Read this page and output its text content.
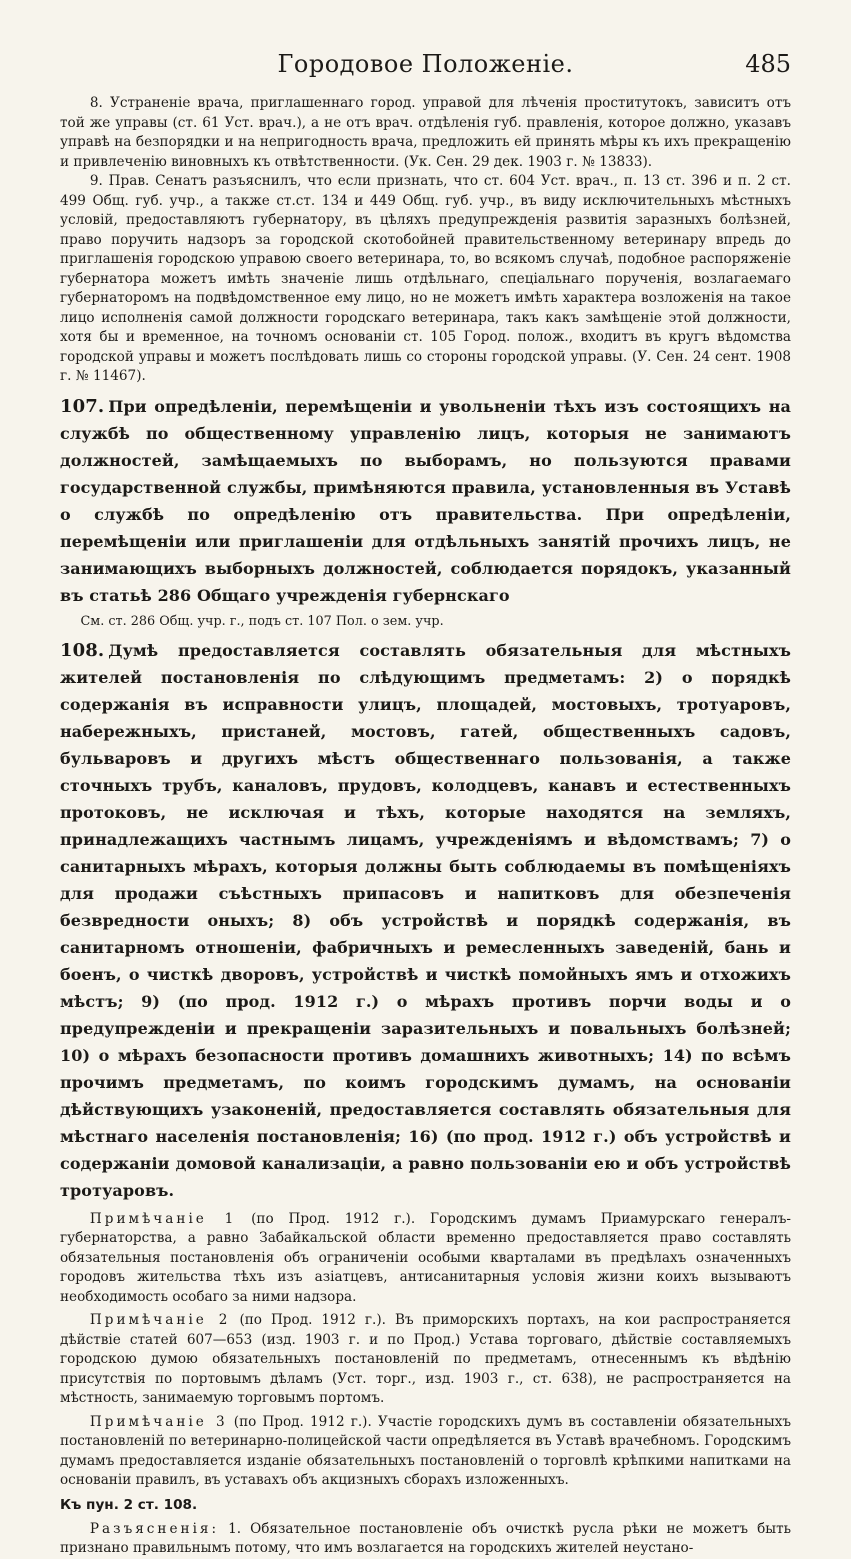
Городовое Положенiе.	485

8. Устраненiе врача, приглашеннаго город. управой для лѣченiя проститутокъ, зависитъ отъ той же управы (ст. 61 Уст. врач.), а не отъ врач. отдѣленiя губ. правленiя, которое должно, указавъ управѣ на безпорядки и на непригодность врача, предложить ей принять мѣры къ ихъ прекращенiю и привлеченiю виновныхъ къ отвѣтственности. (Ук. Сен. 29 дек. 1903 г. № 13833).

9. Прав. Сенатъ разъяснилъ, что если признать, что ст. 604 Уст. врач., п. 13 ст. 396 и п. 2 ст. 499 Общ. губ. учр., а также ст.ст. 134 и 449 Общ. губ. учр., въ виду исключительныхъ мѣстныхъ условiй, предоставляютъ губернатору, въ цѣляхъ предупрежденiя развитiя заразныхъ болѣзней, право поручить надзоръ за городской скотобойней правительственному ветеринару впредь до приглашенiя городскою управою своего ветеринара, то, во всякомъ случаѣ, подобное распоряженiе губернатора можетъ имѣть значенiе лишь отдѣльнаго, спецiальнаго порученiя, возлагаемаго губернаторомъ на подвѣдомственное ему лицо, но не можетъ имѣть характера возложенiя на такое лицо исполненiя самой должности городскаго ветеринара, такъ какъ замѣщенiе этой должности, хотя бы и временное, на точномъ основанiи ст. 105 Город. полож., входитъ въ кругъ вѣдомства городской управы и можетъ послѣдовать лишь со стороны городской управы. (У. Сен. 24 сент. 1908 г. № 11467).

107. При опредѣленiи, перемѣщенiи и увольненiи тѣхъ изъ состоящихъ на службѣ по общественному управленiю лицъ, которыя не занимаютъ должностей, замѣщаемыхъ по выборамъ, но пользуются правами государственной службы, примѣняются правила, установленныя въ Уставѣ о службѣ по опредѣленiю отъ правительства. При опредѣленiи, перемѣщенiи или приглашенiи для отдѣльныхъ занятiй прочихъ лицъ, не занимающихъ выборныхъ должностей, соблюдается порядокъ, указанный въ статьѣ 286 Общаго учрежденiя губернскаго

См. ст. 286 Общ. учр. г., подъ ст. 107 Пол. о зем. учр.

108. Думѣ предоставляется составлять обязательныя для мѣстныхъ жителей постановленiя по слѣдующимъ предметамъ: 2) о порядкѣ содержанiя въ исправности улицъ, площадей, мостовыхъ, тротуаровъ, набережныхъ, пристаней, мостовъ, гатей, общественныхъ садовъ, бульваровъ и другихъ мѣстъ общественнаго пользованiя, а также сточныхъ трубъ, каналовъ, прудовъ, колодцевъ, канавъ и естественныхъ протоковъ, не исключая и тѣхъ, которые находятся на земляхъ, принадлежащихъ частнымъ лицамъ, учрежденiямъ и вѣдомствамъ; 7) о санитарныхъ мѣрахъ, которыя должны быть соблюдаемы въ помѣщенiяхъ для продажи съѣстныхъ припасовъ и напитковъ для обезпеченiя безвредности оныхъ; 8) объ устройствѣ и порядкѣ содержанiя, въ санитарномъ отношенiи, фабричныхъ и ремесленныхъ заведенiй, бань и боенъ, о чисткѣ дворовъ, устройствѣ и чисткѣ помойныхъ ямъ и отхожихъ мѣстъ; 9) (по прод. 1912 г.) о мѣрахъ противъ порчи воды и о предупрежденiи и прекращенiи заразительныхъ и повальныхъ болѣзней; 10) о мѣрахъ безопасности противъ домашнихъ животныхъ; 14) по всѣмъ прочимъ предметамъ, по коимъ городскимъ думамъ, на основанiи дѣйствующихъ узаконенiй, предоставляется составлять обязательныя для мѣстнаго населенiя постановленiя; 16) (по прод. 1912 г.) объ устройствѣ и содержанiи домовой канализацiи, а равно пользованiи ею и объ устройствѣ тротуаровъ.

Примѣчанiе 1 (по Прод. 1912 г.). Городскимъ думамъ Приамурскаго генералъ-губернаторства, а равно Забайкальской области временно предоставляется право составлять обязательныя постановленiя объ ограниченiи особыми кварталами въ предѣлахъ означенныхъ городовъ жительства тѣхъ изъ азiатцевъ, антисанитарныя условiя жизни коихъ вызываютъ необходимость особаго за ними надзора.

Примѣчанiе 2 (по Прод. 1912 г.). Въ приморскихъ портахъ, на кои распространяется дѣйствiе статей 607—653 (изд. 1903 г. и по Прод.) Устава торговаго, дѣйствiе составляемыхъ городскою думою обязательныхъ постановленiй по предметамъ, отнесеннымъ къ вѣдѣнiю присутствiя по портовымъ дѣламъ (Уст. торг., изд. 1903 г., ст. 638), не распространяется на мѣстность, занимаемую торговымъ портомъ.

Примѣчанiе 3 (по Прод. 1912 г.). Участiе городскихъ думъ въ составленiи обязательныхъ постановленiй по ветеринарно-полицейской части опредѣляется въ Уставѣ врачебномъ. Городскимъ думамъ предоставляется изданiе обязательныхъ постановленiй о торговлѣ крѣпкими напитками на основанiи правилъ, въ уставахъ объ акцизныхъ сборахъ изложенныхъ.

Къ пун. 2 ст. 108.

Разъясненiя: 1. Обязательное постановленiе объ очисткѣ русла рѣки не можетъ быть признано правильнымъ потому, что имъ возлагается на городскихъ жителей неустано-
